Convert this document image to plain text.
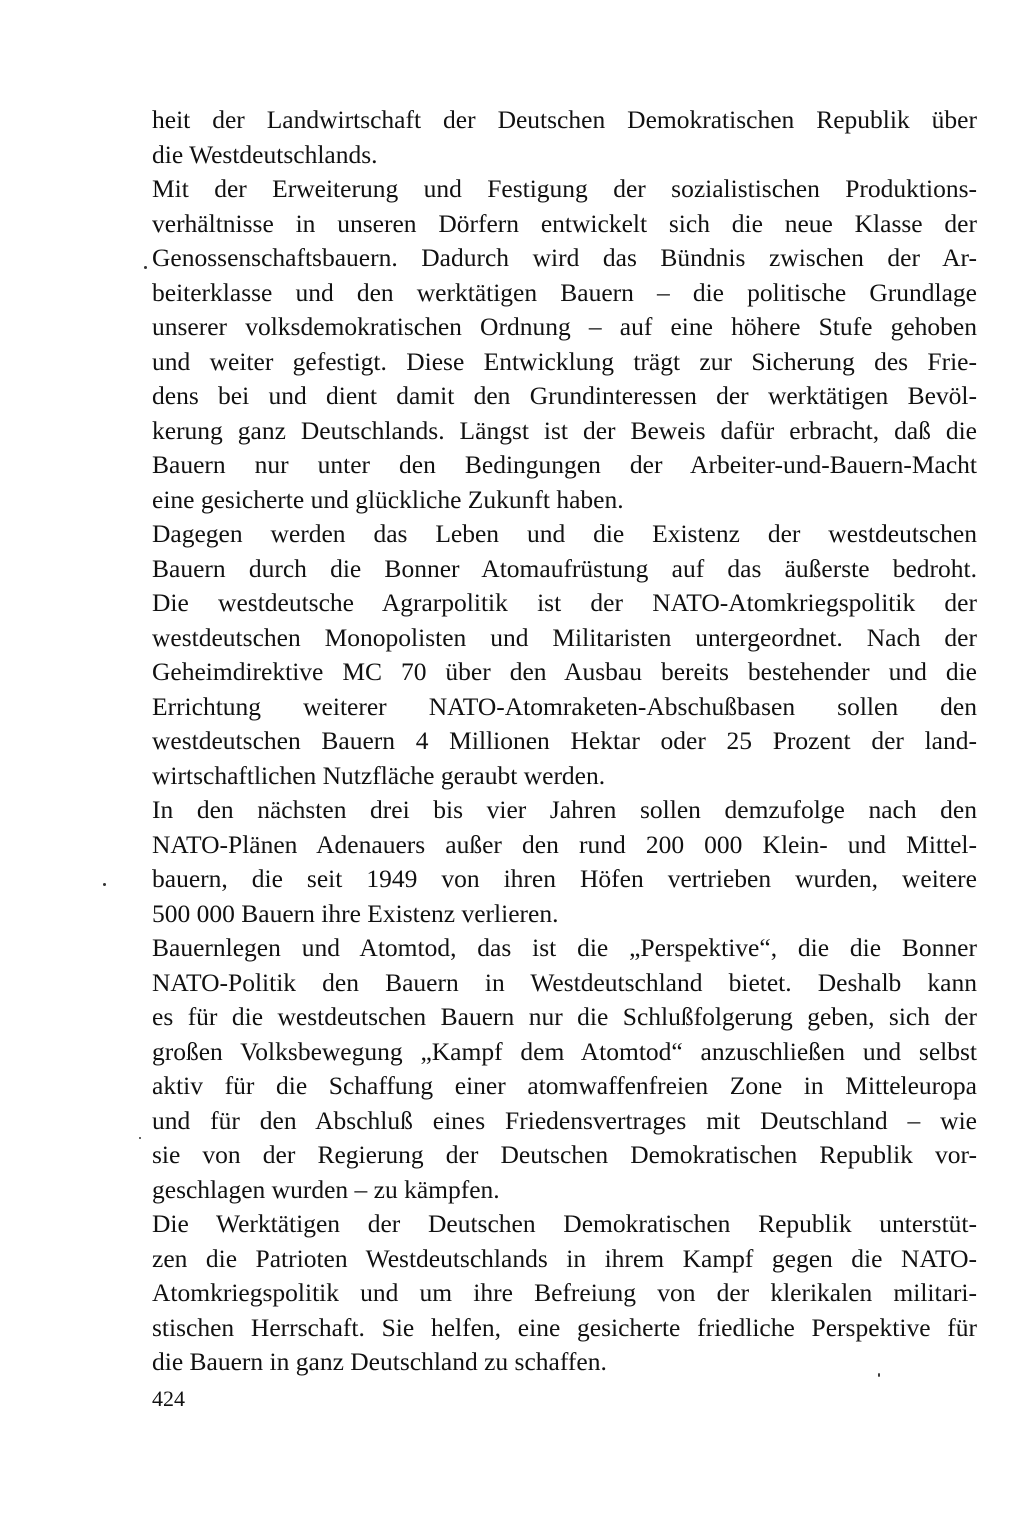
heit der Landwirtschaft der Deutschen Demokratischen Republik über
die Westdeutschlands.
Mit der Erweiterung und Festigung der sozialistischen Produktions-
verhältnisse in unseren Dörfern entwickelt sich die neue Klasse der
Genossenschaftsbauern. Dadurch wird das Bündnis zwischen der Ar-
beiterklasse und den werktätigen Bauern – die politische Grundlage
unserer volksdemokratischen Ordnung – auf eine höhere Stufe gehoben
und weiter gefestigt. Diese Entwicklung trägt zur Sicherung des Frie-
dens bei und dient damit den Grundinteressen der werktätigen Bevöl-
kerung ganz Deutschlands. Längst ist der Beweis dafür erbracht, daß die
Bauern nur unter den Bedingungen der Arbeiter-und-Bauern-Macht
eine gesicherte und glückliche Zukunft haben.
Dagegen werden das Leben und die Existenz der westdeutschen
Bauern durch die Bonner Atomaufrüstung auf das äußerste bedroht.
Die westdeutsche Agrarpolitik ist der NATO-Atomkriegspolitik der
westdeutschen Monopolisten und Militaristen untergeordnet. Nach der
Geheimdirektive MC 70 über den Ausbau bereits bestehender und die
Errichtung weiterer NATO-Atomraketen-Abschußbasen sollen den
westdeutschen Bauern 4 Millionen Hektar oder 25 Prozent der land-
wirtschaftlichen Nutzfläche geraubt werden.
In den nächsten drei bis vier Jahren sollen demzufolge nach den
NATO-Plänen Adenauers außer den rund 200 000 Klein- und Mittel-
bauern, die seit 1949 von ihren Höfen vertrieben wurden, weitere
500 000 Bauern ihre Existenz verlieren.
Bauernlegen und Atomtod, das ist die „Perspektive“, die die Bonner
NATO-Politik den Bauern in Westdeutschland bietet. Deshalb kann
es für die westdeutschen Bauern nur die Schlußfolgerung geben, sich der
großen Volksbewegung „Kampf dem Atomtod“ anzuschließen und selbst
aktiv für die Schaffung einer atomwaffenfreien Zone in Mitteleuropa
und für den Abschluß eines Friedensvertrages mit Deutschland – wie
sie von der Regierung der Deutschen Demokratischen Republik vor-
geschlagen wurden – zu kämpfen.
Die Werktätigen der Deutschen Demokratischen Republik unterstüt-
zen die Patrioten Westdeutschlands in ihrem Kampf gegen die NATO-
Atomkriegspolitik und um ihre Befreiung von der klerikalen militari-
stischen Herrschaft. Sie helfen, eine gesicherte friedliche Perspektive für
die Bauern in ganz Deutschland zu schaffen.
424
